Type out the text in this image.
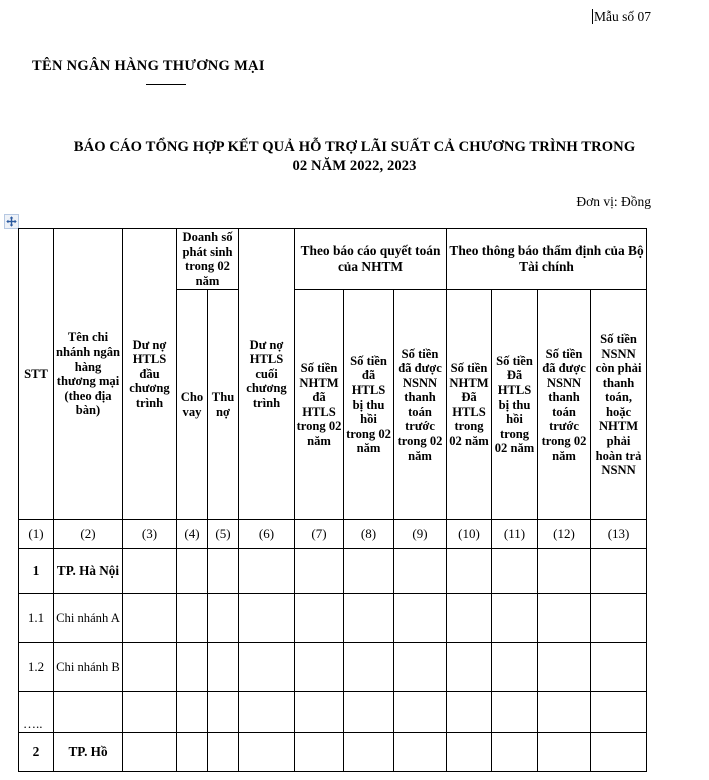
Mẫu số 07
TÊN NGÂN HÀNG THƯƠNG MẠI
BÁO CÁO TỔNG HỢP KẾT QUẢ HỖ TRỢ LÃI SUẤT CẢ CHƯƠNG TRÌNH TRONG
02 NĂM 2022, 2023
Đơn vị: Đồng
STT	Tên chi nhánh ngân hàng thương mại (theo địa bàn)	Dư nợ HTLS đầu chương trình	Doanh số phát sinh trong 02 năm		Dư nợ HTLS cuối chương trình	Theo báo cáo quyết toán của NHTM			Theo thông báo thẩm định của Bộ Tài chính			
			Cho vay	Thu nợ		Số tiền NHTM đã HTLS trong 02 năm	Số tiền đã HTLS bị thu hồi trong 02 năm	Số tiền đã được NSNN thanh toán trước trong 02 năm	Số tiền NHTM Đã HTLS trong 02 năm	Số tiền Đã HTLS bị thu hồi trong 02 năm	Số tiền đã được NSNN thanh toán trước trong 02 năm	Số tiền NSNN còn phải thanh toán, hoặc NHTM phải hoàn trả NSNN
(1)	(2)	(3)	(4)	(5)	(6)	(7)	(8)	(9)	(10)	(11)	(12)	(13)
1	TP. Hà Nội											
1.1	Chi nhánh A											
1.2	Chi nhánh B											
…..												
2	TP. Hồ											
